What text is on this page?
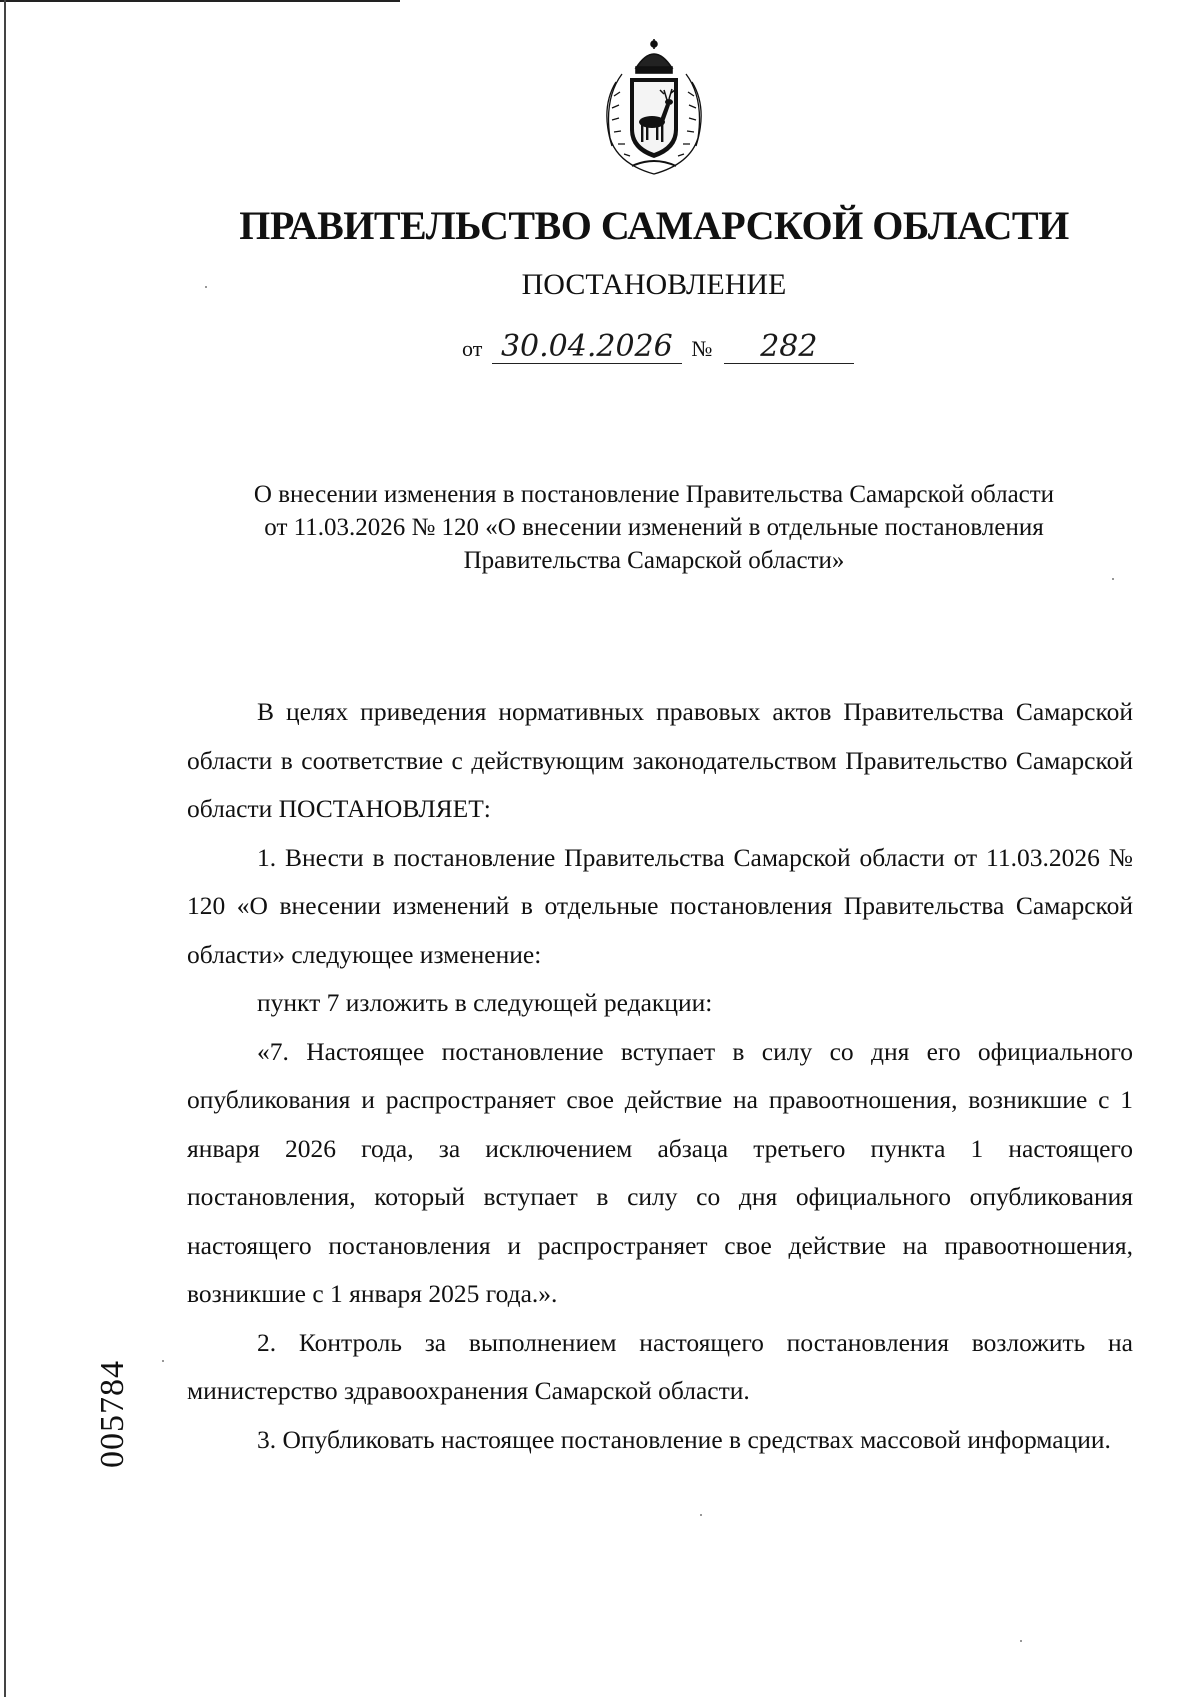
ПРАВИТЕЛЬСТВО САМАРСКОЙ ОБЛАСТИ
ПОСТАНОВЛЕНИЕ
от 30.04.2026 № 282
О внесении изменения в постановление Правительства Самарской области
от 11.03.2026 № 120 «О внесении изменений в отдельные постановления
Правительства Самарской области»

В целях приведения нормативных правовых актов Правительства Самарской области в соответствие с действующим законодательством Правительство Самарской области ПОСТАНОВЛЯЕТ:

1. Внести в постановление Правительства Самарской области от 11.03.2026 № 120 «О внесении изменений в отдельные постановления Правительства Самарской области» следующее изменение:

пункт 7 изложить в следующей редакции:

«7. Настоящее постановление вступает в силу со дня его официального опубликования и распространяет свое действие на правоотношения, возникшие с 1 января 2026 года, за исключением абзаца третьего пункта 1 настоящего постановления, который вступает в силу со дня официального опубликования настоящего постановления и распространяет свое действие на правоотношения, возникшие с 1 января 2025 года.».

2. Контроль за выполнением настоящего постановления возложить на министерство здравоохранения Самарской области.

3. Опубликовать настоящее постановление в средствах массовой информации.

005784
